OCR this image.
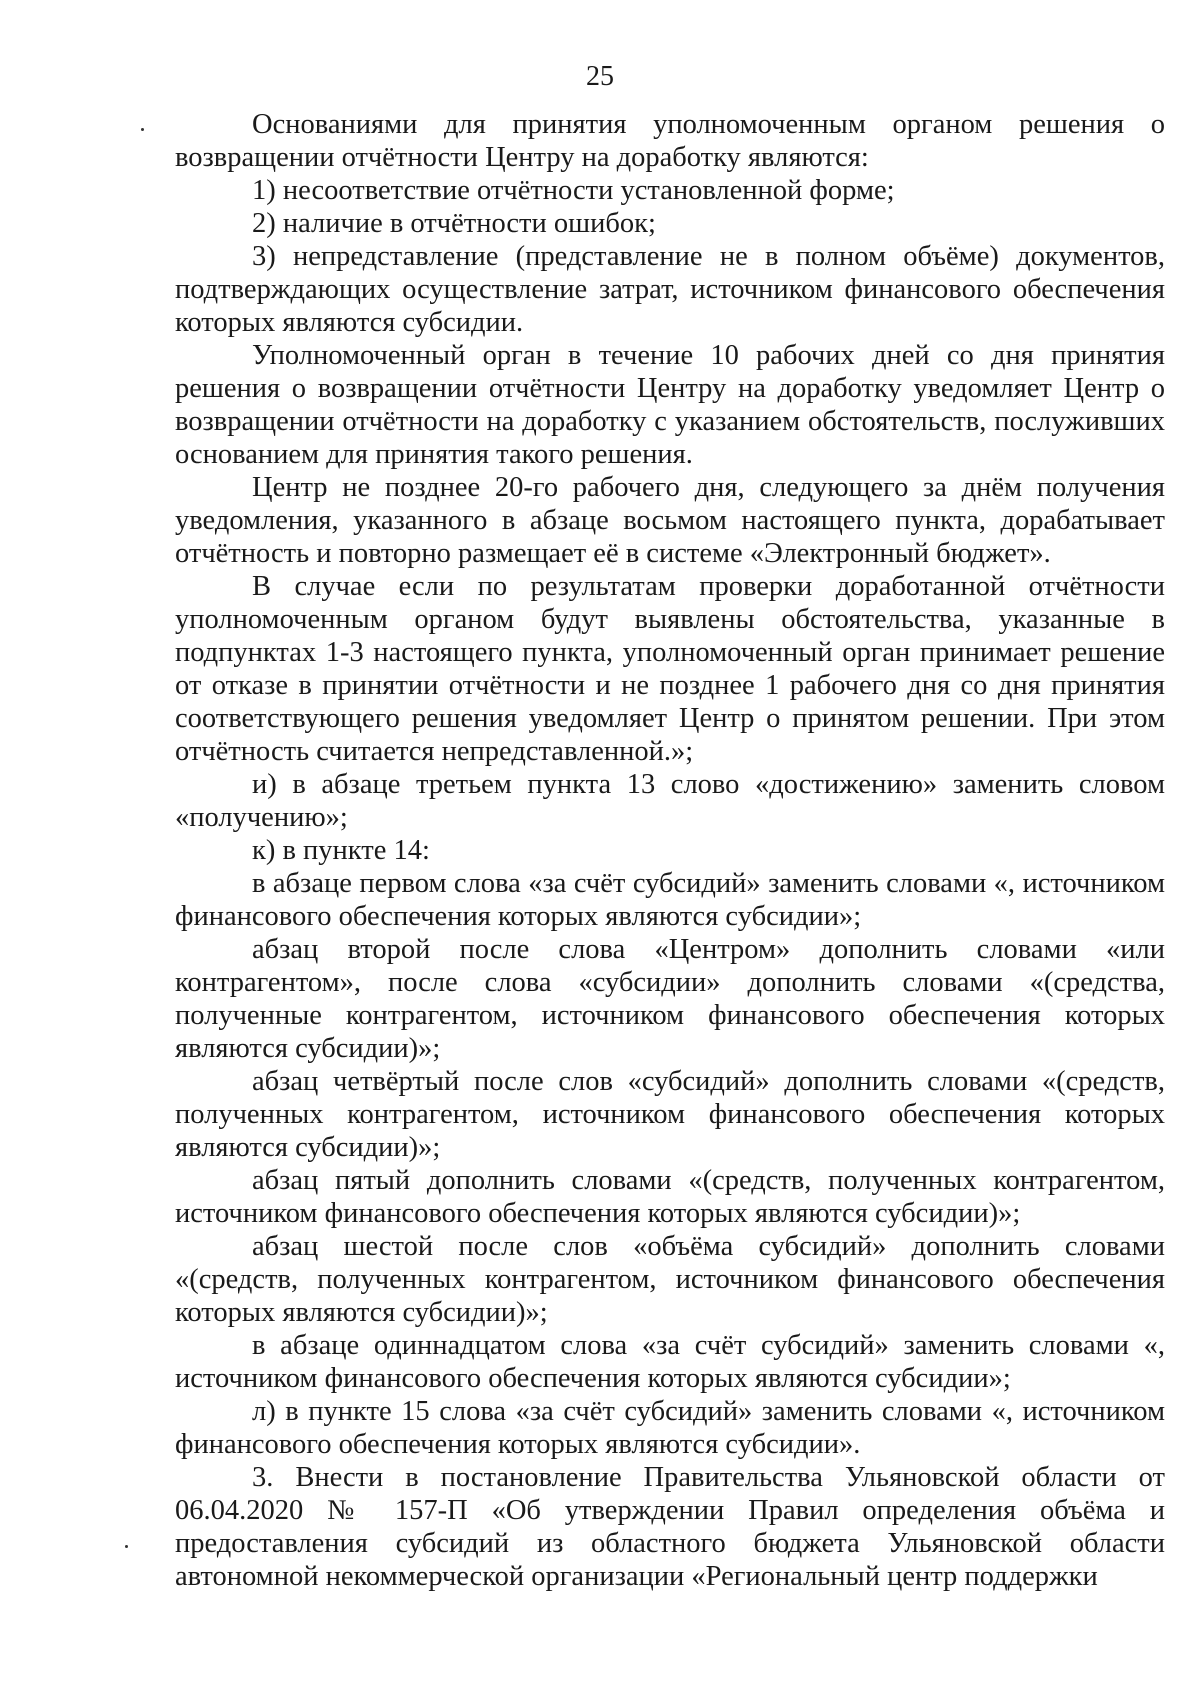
25

Основаниями для принятия уполномоченным органом решения о возвращении отчётности Центру на доработку являются:

1) несоответствие отчётности установленной форме;

2) наличие в отчётности ошибок;

3) непредставление (представление не в полном объёме) документов, подтверждающих осуществление затрат, источником финансового обеспечения которых являются субсидии.

Уполномоченный орган в течение 10 рабочих дней со дня принятия решения о возвращении отчётности Центру на доработку уведомляет Центр о возвращении отчётности на доработку с указанием обстоятельств, послуживших основанием для принятия такого решения.

Центр не позднее 20-го рабочего дня, следующего за днём получения уведомления, указанного в абзаце восьмом настоящего пункта, дорабатывает отчётность и повторно размещает её в системе «Электронный бюджет».

В случае если по результатам проверки доработанной отчётности уполномоченным органом будут выявлены обстоятельства, указанные в подпунктах 1-3 настоящего пункта, уполномоченный орган принимает решение от отказе в принятии отчётности и не позднее 1 рабочего дня со дня принятия соответствующего решения уведомляет Центр о принятом решении. При этом отчётность считается непредставленной.»;

и) в абзаце третьем пункта 13 слово «достижению» заменить словом «получению»;

к) в пункте 14:

в абзаце первом слова «за счёт субсидий» заменить словами «, источником финансового обеспечения которых являются субсидии»;

абзац второй после слова «Центром» дополнить словами «или контрагентом», после слова «субсидии» дополнить словами «(средства, полученные контрагентом, источником финансового обеспечения которых являются субсидии)»;

абзац четвёртый после слов «субсидий» дополнить словами «(средств, полученных контрагентом, источником финансового обеспечения которых являются субсидии)»;

абзац пятый дополнить словами «(средств, полученных контрагентом, источником финансового обеспечения которых являются субсидии)»;

абзац шестой после слов «объёма субсидий» дополнить словами «(средств, полученных контрагентом, источником финансового обеспечения которых являются субсидии)»;

в абзаце одиннадцатом слова «за счёт субсидий» заменить словами «, источником финансового обеспечения которых являются субсидии»;

л) в пункте 15 слова «за счёт субсидий» заменить словами «, источником финансового обеспечения которых являются субсидии».

3. Внести в постановление Правительства Ульяновской области от 06.04.2020 № 157-П «Об утверждении Правил определения объёма и предоставления субсидий из областного бюджета Ульяновской области автономной некоммерческой организации «Региональный центр поддержки
